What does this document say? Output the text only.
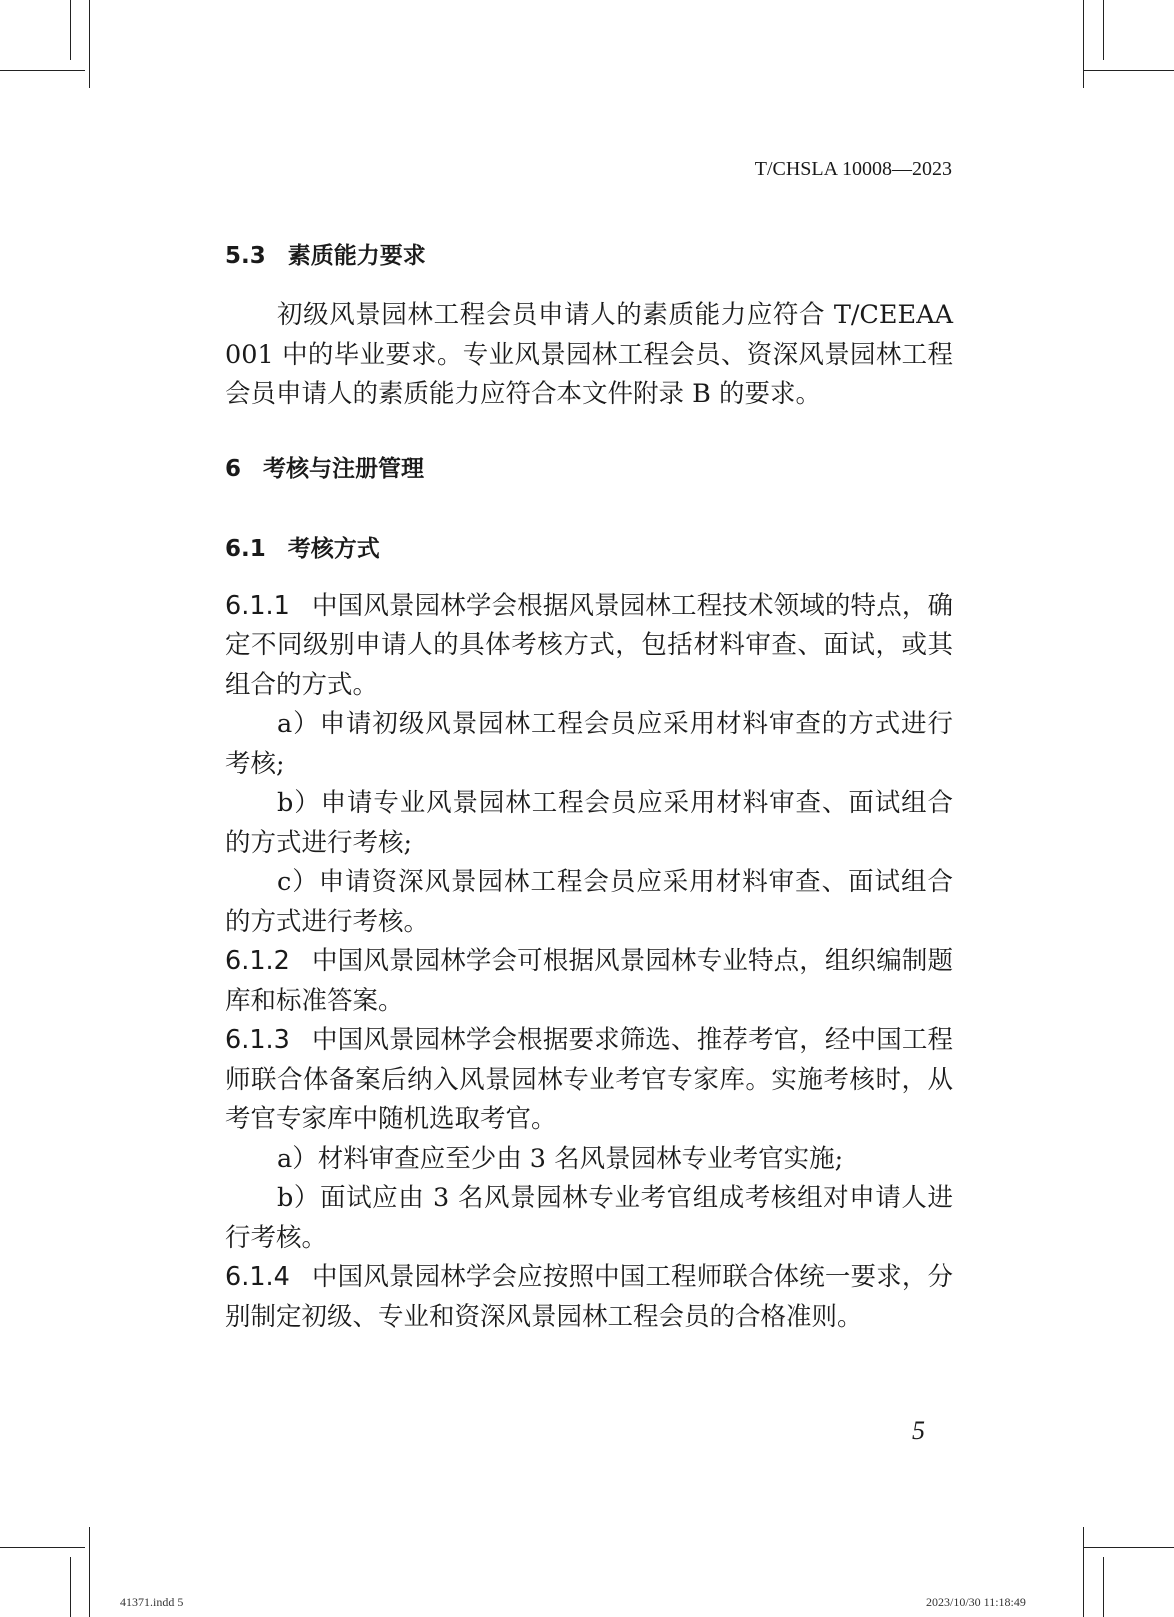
T/CHSLA 10008—2023
5.3 素质能力要求

初级风景园林工程会员申请人的素质能力应符合 T/CEEAA 001 中的毕业要求。专业风景园林工程会员、资深风景园林工程会员申请人的素质能力应符合本文件附录 B 的要求。

6 考核与注册管理
6.1 考核方式

6.1.1 中国风景园林学会根据风景园林工程技术领域的特点，确定不同级别申请人的具体考核方式，包括材料审查、面试，或其组合的方式。

a）申请初级风景园林工程会员应采用材料审查的方式进行考核;

b）申请专业风景园林工程会员应采用材料审查、面试组合的方式进行考核;

c）申请资深风景园林工程会员应采用材料审查、面试组合的方式进行考核。

6.1.2 中国风景园林学会可根据风景园林专业特点，组织编制题库和标准答案。

6.1.3 中国风景园林学会根据要求筛选、推荐考官，经中国工程师联合体备案后纳入风景园林专业考官专家库。实施考核时，从考官专家库中随机选取考官。

a）材料审查应至少由 3 名风景园林专业考官实施;

b）面试应由 3 名风景园林专业考官组成考核组对申请人进行考核。

6.1.4 中国风景园林学会应按照中国工程师联合体统一要求，分别制定初级、专业和资深风景园林工程会员的合格准则。

5
41371.indd 5	2023/10/30 11:18:49
